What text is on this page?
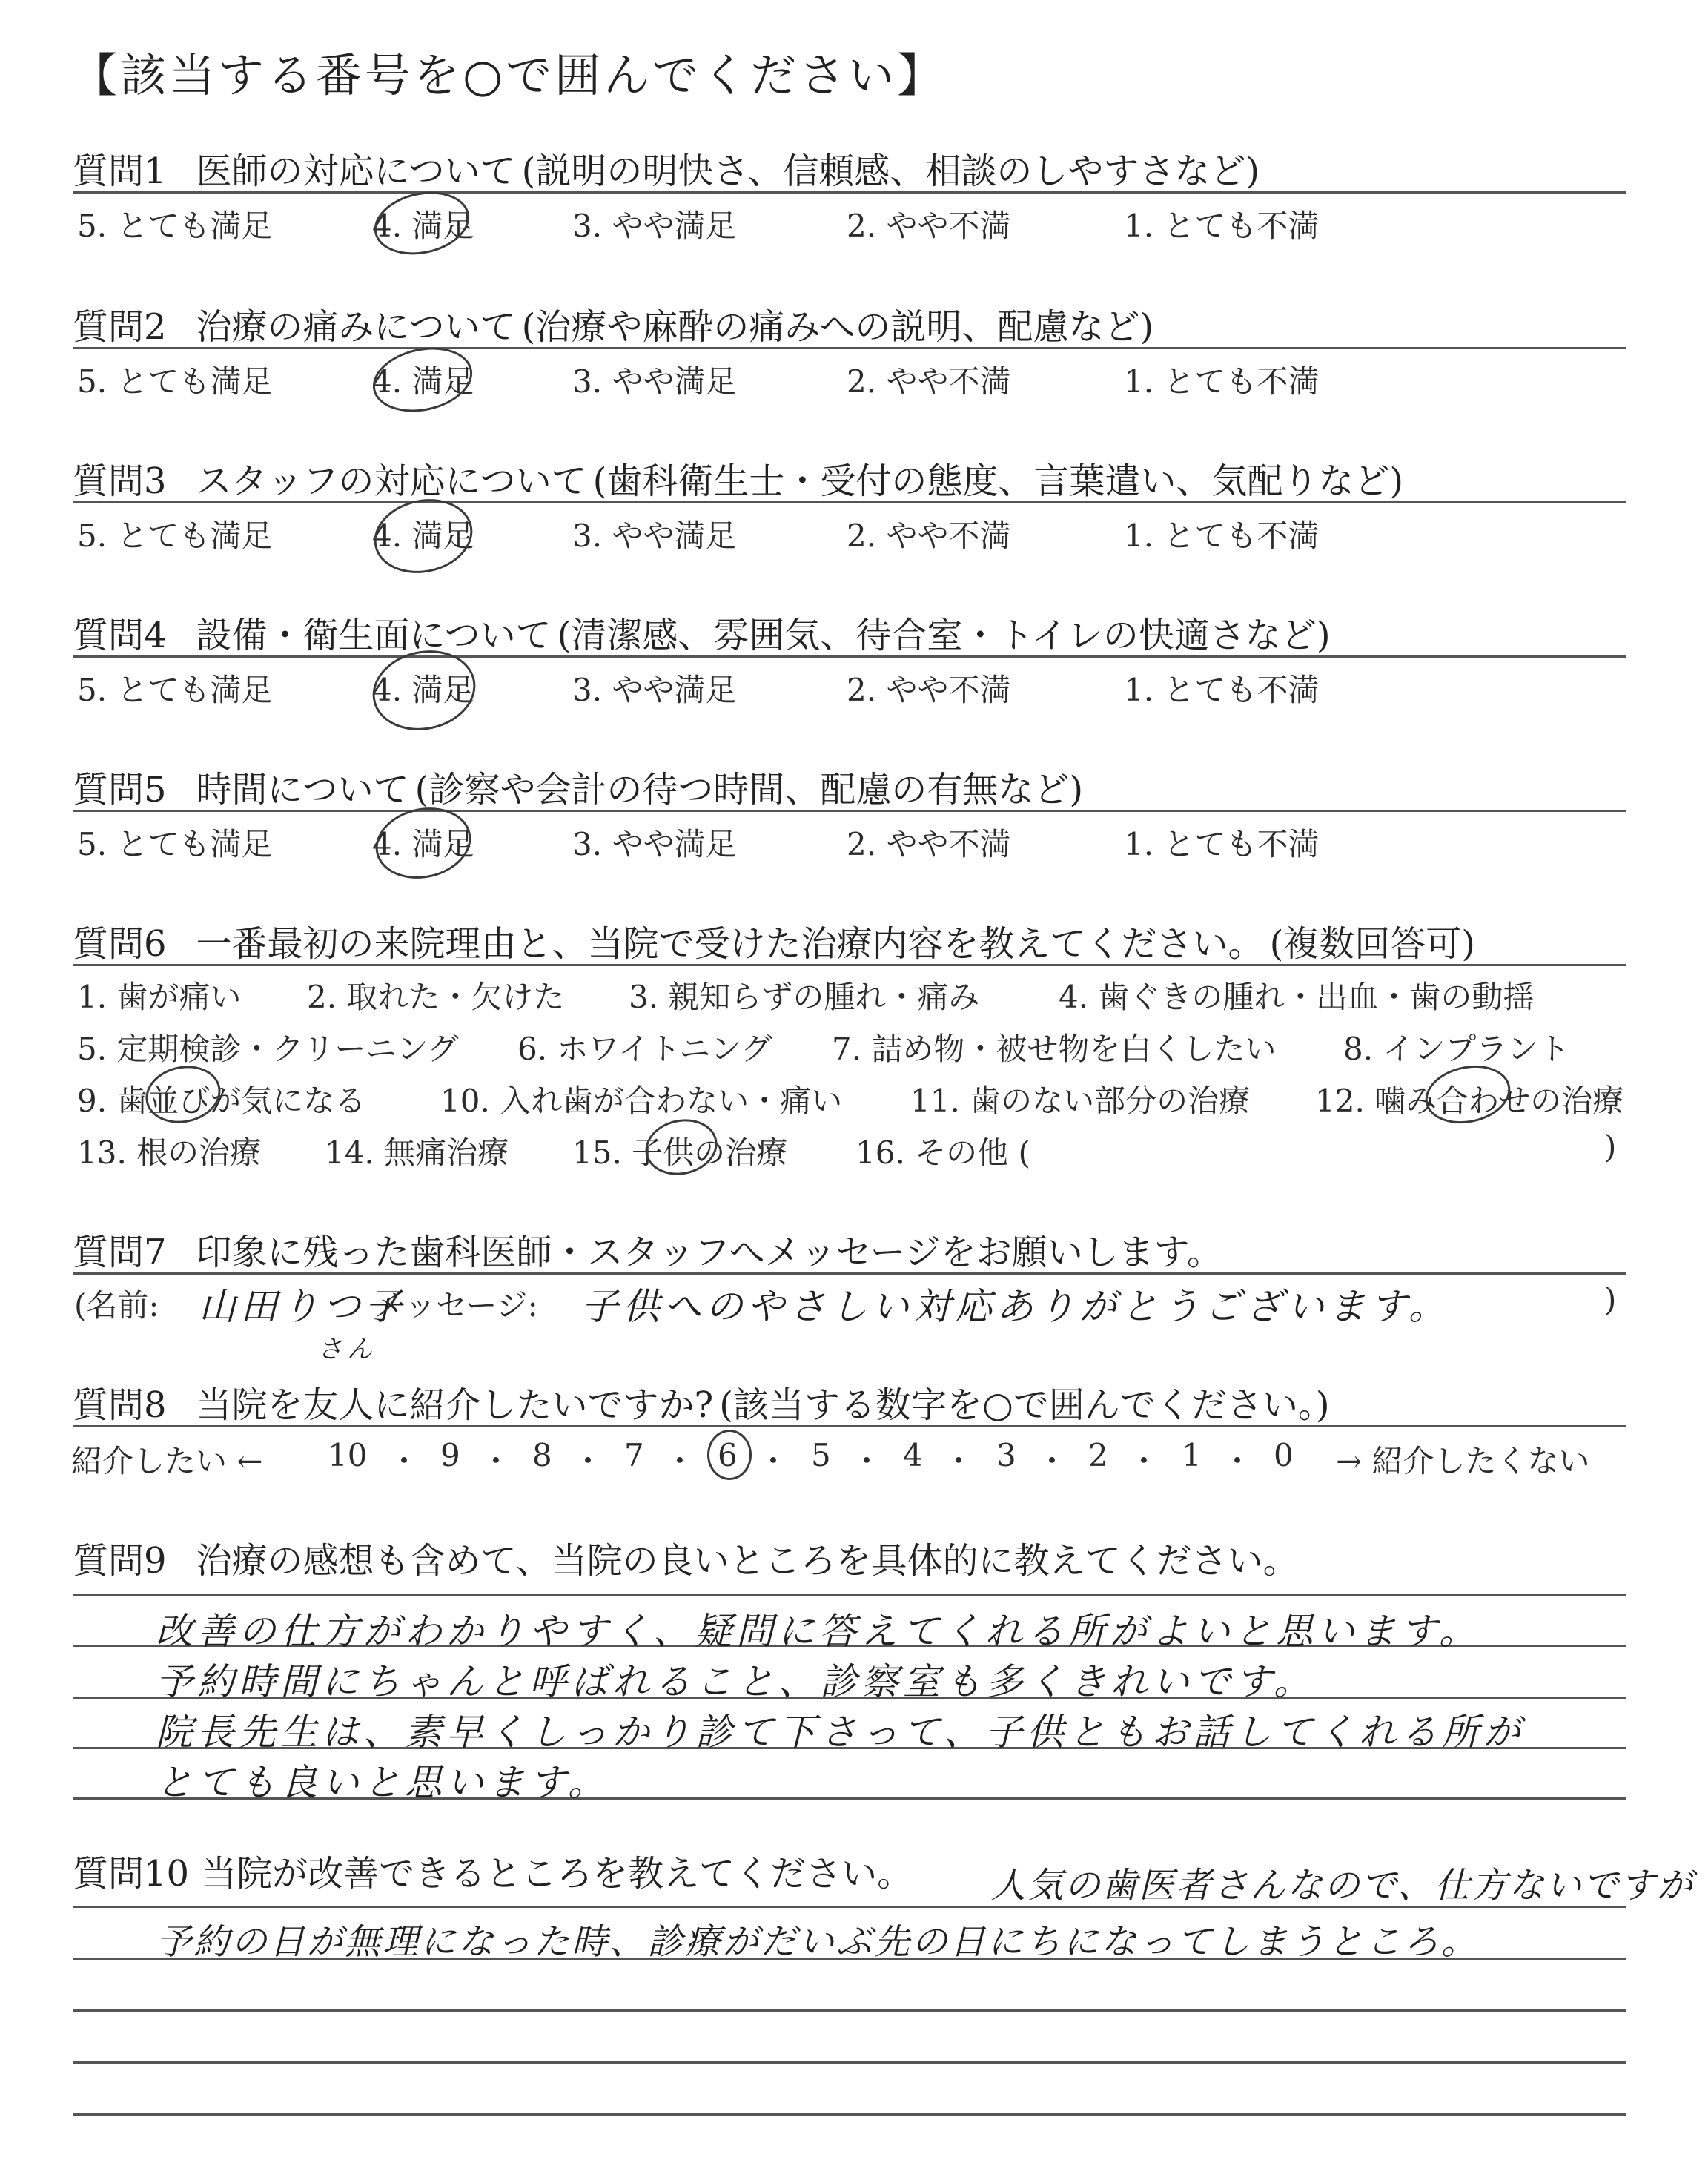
【該当する番号を○で囲んでください】
質問1 医師の対応について (説明の明快さ、信頼感、相談のしやすさなど)
5. とても満足	4. 満足	3. やや満足	2. やや不満	1. とても不満
質問2 治療の痛みについて (治療や麻酔の痛みへの説明、配慮など)
5. とても満足	4. 満足	3. やや満足	2. やや不満	1. とても不満
質問3 スタッフの対応について (歯科衛生士・受付の態度、言葉遣い、気配りなど)
5. とても満足	4. 満足	3. やや満足	2. やや不満	1. とても不満
質問4 設備・衛生面について (清潔感、雰囲気、待合室・トイレの快適さなど)
5. とても満足	4. 満足	3. やや満足	2. やや不満	1. とても不満
質問5 時間について (診察や会計の待つ時間、配慮の有無など)
5. とても満足	4. 満足	3. やや満足	2. やや不満	1. とても不満
質問6 一番最初の来院理由と、当院で受けた治療内容を教えてください。 (複数回答可)
1. 歯が痛い 2. 取れた・欠けた 3. 親知らずの腫れ・痛み	4. 歯ぐきの腫れ・出血・歯の動揺
5. 定期検診・クリーニング 6. ホワイトニング 7. 詰め物・被せ物を白くしたい 8. インプラント
9. 歯並びが気になる 10. 入れ歯が合わない・痛い 11. 歯のない部分の治療 12. 噛み合わせの治療
13. 根の治療 14. 無痛治療 15. 子供の治療 16. その他 (	)
質問7 印象に残った歯科医師・スタッフへメッセージをお願いします。
(名前: 山田りつ子
さん
メッセージ: 子供へのやさしい対応ありがとうございます。	)
質問8 当院を友人に紹介したいですか? (該当する数字を○で囲んでください。)
紹介したい ← 10 ・ 9 ・ 8 ・ 7 ・ 6 ・ 5 ・ 4 ・ 3 ・ 2 ・ 1 ・ 0 → 紹介したくない
質問9 治療の感想も含めて、当院の良いところを具体的に教えてください。
改善の仕方がわかりやすく、疑問に答えてくれる所がよいと思います。
予約時間にちゃんと呼ばれること、診察室も多くきれいです。
院長先生は、素早くしっかり診て下さって、子供ともお話してくれる所が
とても良いと思います。
質問10 当院が改善できるところを教えてください。 人気の歯医者さんなので、仕方ないですが
予約の日が無理になった時、診療がだいぶ先の日にちになってしまうところ。
